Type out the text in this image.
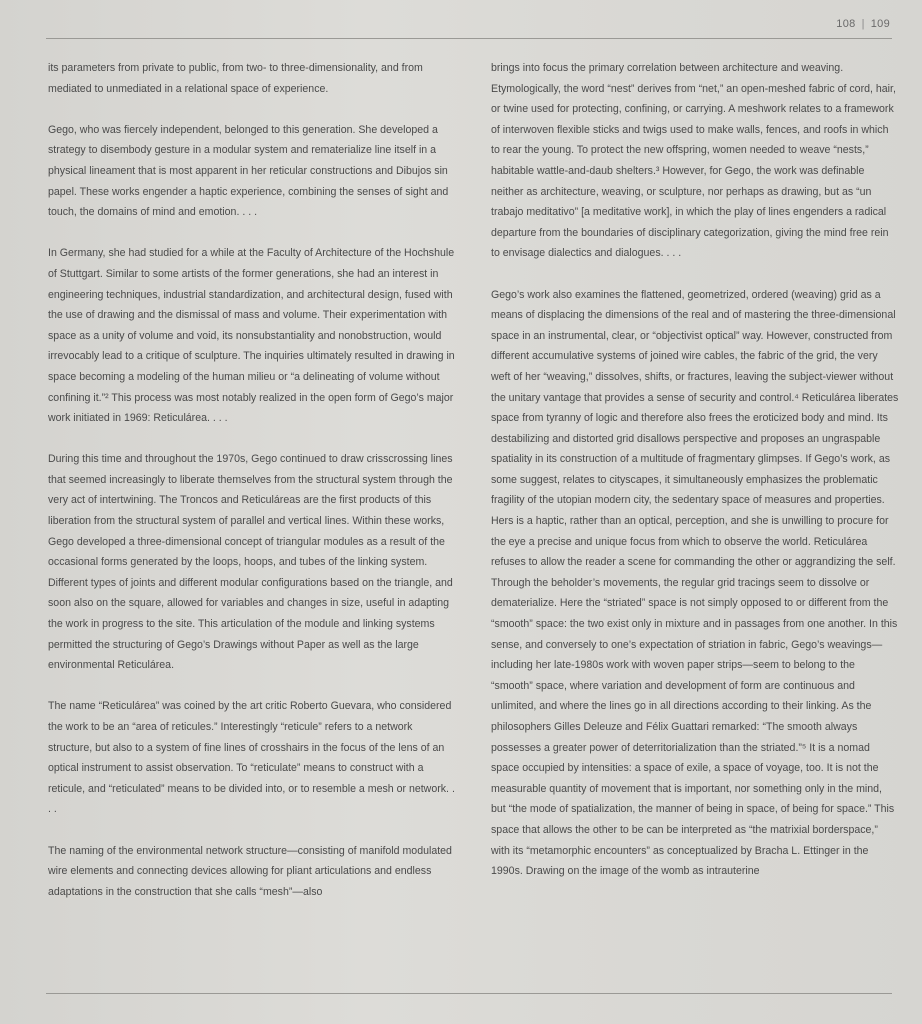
108 | 109

its parameters from private to public, from two- to three-dimensionality, and from mediated to unmediated in a relational space of experience.

Gego, who was fiercely independent, belonged to this generation. She developed a strategy to disembody gesture in a modular system and rematerialize line itself in a physical lineament that is most apparent in her reticular constructions and Dibujos sin papel. These works engender a haptic experience, combining the senses of sight and touch, the domains of mind and emotion. . . .

In Germany, she had studied for a while at the Faculty of Architecture of the Hochshule of Stuttgart. Similar to some artists of the former generations, she had an interest in engineering techniques, industrial standardization, and architectural design, fused with the use of drawing and the dismissal of mass and volume. Their experimentation with space as a unity of volume and void, its nonsubstantiality and nonobstruction, would irrevocably lead to a critique of sculpture. The inquiries ultimately resulted in drawing in space becoming a modeling of the human milieu or “a delineating of volume without confining it.”² This process was most notably realized in the open form of Gego’s major work initiated in 1969: Reticulárea. . . .

During this time and throughout the 1970s, Gego continued to draw crisscrossing lines that seemed increasingly to liberate themselves from the structural system through the very act of intertwining. The Troncos and Reticuláreas are the first products of this liberation from the structural system of parallel and vertical lines. Within these works, Gego developed a three-dimensional concept of triangular modules as a result of the occasional forms generated by the loops, hoops, and tubes of the linking system. Different types of joints and different modular configurations based on the triangle, and soon also on the square, allowed for variables and changes in size, useful in adapting the work in progress to the site. This articulation of the module and linking systems permitted the structuring of Gego’s Drawings without Paper as well as the large environmental Reticulárea.

The name “Reticulárea” was coined by the art critic Roberto Guevara, who considered the work to be an “area of reticules.” Interestingly “reticule” refers to a network structure, but also to a system of fine lines of crosshairs in the focus of the lens of an optical instrument to assist observation. To “reticulate” means to construct with a reticule, and “reticulated” means to be divided into, or to resemble a mesh or network. . . .

The naming of the environmental network structure—consisting of manifold modulated wire elements and connecting devices allowing for pliant articulations and endless adaptations in the construction that she calls “mesh”—also

brings into focus the primary correlation between architecture and weaving. Etymologically, the word “nest” derives from “net,” an open-meshed fabric of cord, hair, or twine used for protecting, confining, or carrying. A meshwork relates to a framework of interwoven flexible sticks and twigs used to make walls, fences, and roofs in which to rear the young. To protect the new offspring, women needed to weave “nests,” habitable wattle-and-daub shelters.³ However, for Gego, the work was definable neither as architecture, weaving, or sculpture, nor perhaps as drawing, but as “un trabajo meditativo” [a meditative work], in which the play of lines engenders a radical departure from the boundaries of disciplinary categorization, giving the mind free rein to envisage dialectics and dialogues. . . .

Gego’s work also examines the flattened, geometrized, ordered (weaving) grid as a means of displacing the dimensions of the real and of mastering the three-dimensional space in an instrumental, clear, or “objectivist optical” way. However, constructed from different accumulative systems of joined wire cables, the fabric of the grid, the very weft of her “weaving,” dissolves, shifts, or fractures, leaving the subject-viewer without the unitary vantage that provides a sense of security and control.⁴ Reticulárea liberates space from tyranny of logic and therefore also frees the eroticized body and mind. Its destabilizing and distorted grid disallows perspective and proposes an ungraspable spatiality in its construction of a multitude of fragmentary glimpses. If Gego’s work, as some suggest, relates to cityscapes, it simultaneously emphasizes the problematic fragility of the utopian modern city, the sedentary space of measures and properties. Hers is a haptic, rather than an optical, perception, and she is unwilling to procure for the eye a precise and unique focus from which to observe the world. Reticulárea refuses to allow the reader a scene for commanding the other or aggrandizing the self. Through the beholder’s movements, the regular grid tracings seem to dissolve or dematerialize. Here the “striated” space is not simply opposed to or different from the “smooth” space: the two exist only in mixture and in passages from one another. In this sense, and conversely to one’s expectation of striation in fabric, Gego’s weavings—including her late-1980s work with woven paper strips—seem to belong to the “smooth” space, where variation and development of form are continuous and unlimited, and where the lines go in all directions according to their linking. As the philosophers Gilles Deleuze and Félix Guattari remarked: “The smooth always possesses a greater power of deterritorialization than the striated.”⁵ It is a nomad space occupied by intensities: a space of exile, a space of voyage, too. It is not the measurable quantity of movement that is important, nor something only in the mind, but “the mode of spatialization, the manner of being in space, of being for space.” This space that allows the other to be can be interpreted as “the matrixial borderspace,” with its “metamorphic encounters” as conceptualized by Bracha L. Ettinger in the 1990s. Drawing on the image of the womb as intrauterine
